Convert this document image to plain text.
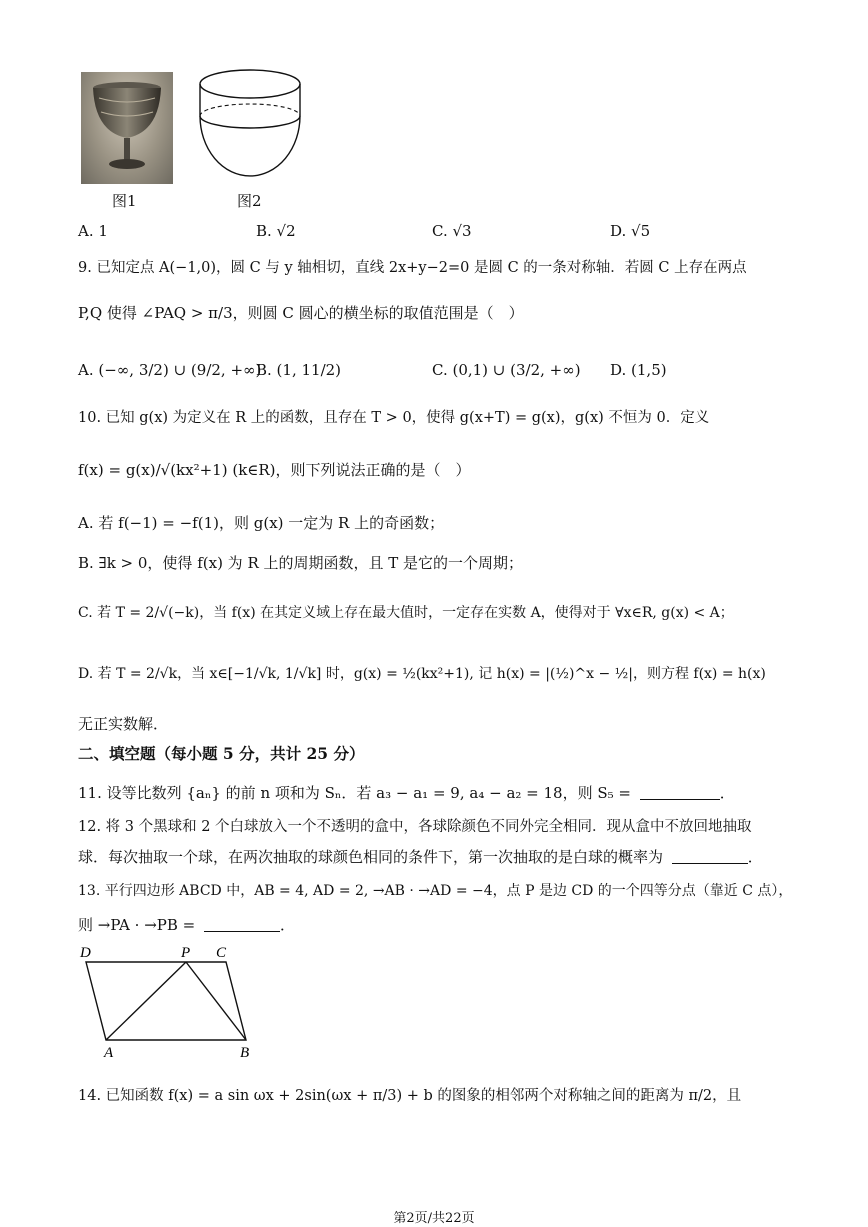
图1	图2
A. 1	B. √2	C. √3	D. √5
9. 已知定点 A(−1,0)，圆 C 与 y 轴相切，直线 2x+y−2=0 是圆 C 的一条对称轴．若圆 C 上存在两点
P,Q 使得 ∠PAQ > π/3，则圆 C 圆心的横坐标的取值范围是（　）
A. (−∞, 3/2) ∪ (9/2, +∞)
B. (1, 11/2)	C. (0,1) ∪ (3/2, +∞) D. (1,5)
10. 已知 g(x) 为定义在 R 上的函数，且存在 T > 0，使得 g(x+T) = g(x)，g(x) 不恒为 0．定义
f(x) = g(x)/√(kx²+1) (k∈R)，则下列说法正确的是（　）
A. 若 f(−1) = −f(1)，则 g(x) 一定为 R 上的奇函数；
B. ∃k > 0，使得 f(x) 为 R 上的周期函数，且 T 是它的一个周期；
C. 若 T = 2/√(−k)，当 f(x) 在其定义域上存在最大值时，一定存在实数 A，使得对于 ∀x∈R, g(x) < A；
D. 若 T = 2/√k，当 x∈[−1/√k, 1/√k] 时，g(x) = ½(kx²+1), 记 h(x) = |(½)^x − ½|，则方程 f(x) = h(x)
无正实数解．
二、填空题（每小题 5 分，共计 25 分）
11. 设等比数列 {aₙ} 的前 n 项和为 Sₙ．若 a₃ − a₁ = 9, a₄ − a₂ = 18，则 S₅ =	．
12. 将 3 个黑球和 2 个白球放入一个不透明的盒中，各球除颜色不同外完全相同．现从盒中不放回地抽取
球．每次抽取一个球，在两次抽取的球颜色相同的条件下，第一次抽取的是白球的概率为	．
13. 平行四边形 ABCD 中，AB = 4, AD = 2, →AB · →AD = −4，点 P 是边 CD 的一个四等分点（靠近 C 点），
则 →PA · →PB =	．
D	P C
A	B
14. 已知函数 f(x) = a sin ωx + 2sin(ωx + π/3) + b 的图象的相邻两个对称轴之间的距离为 π/2，且
第2页/共22页
